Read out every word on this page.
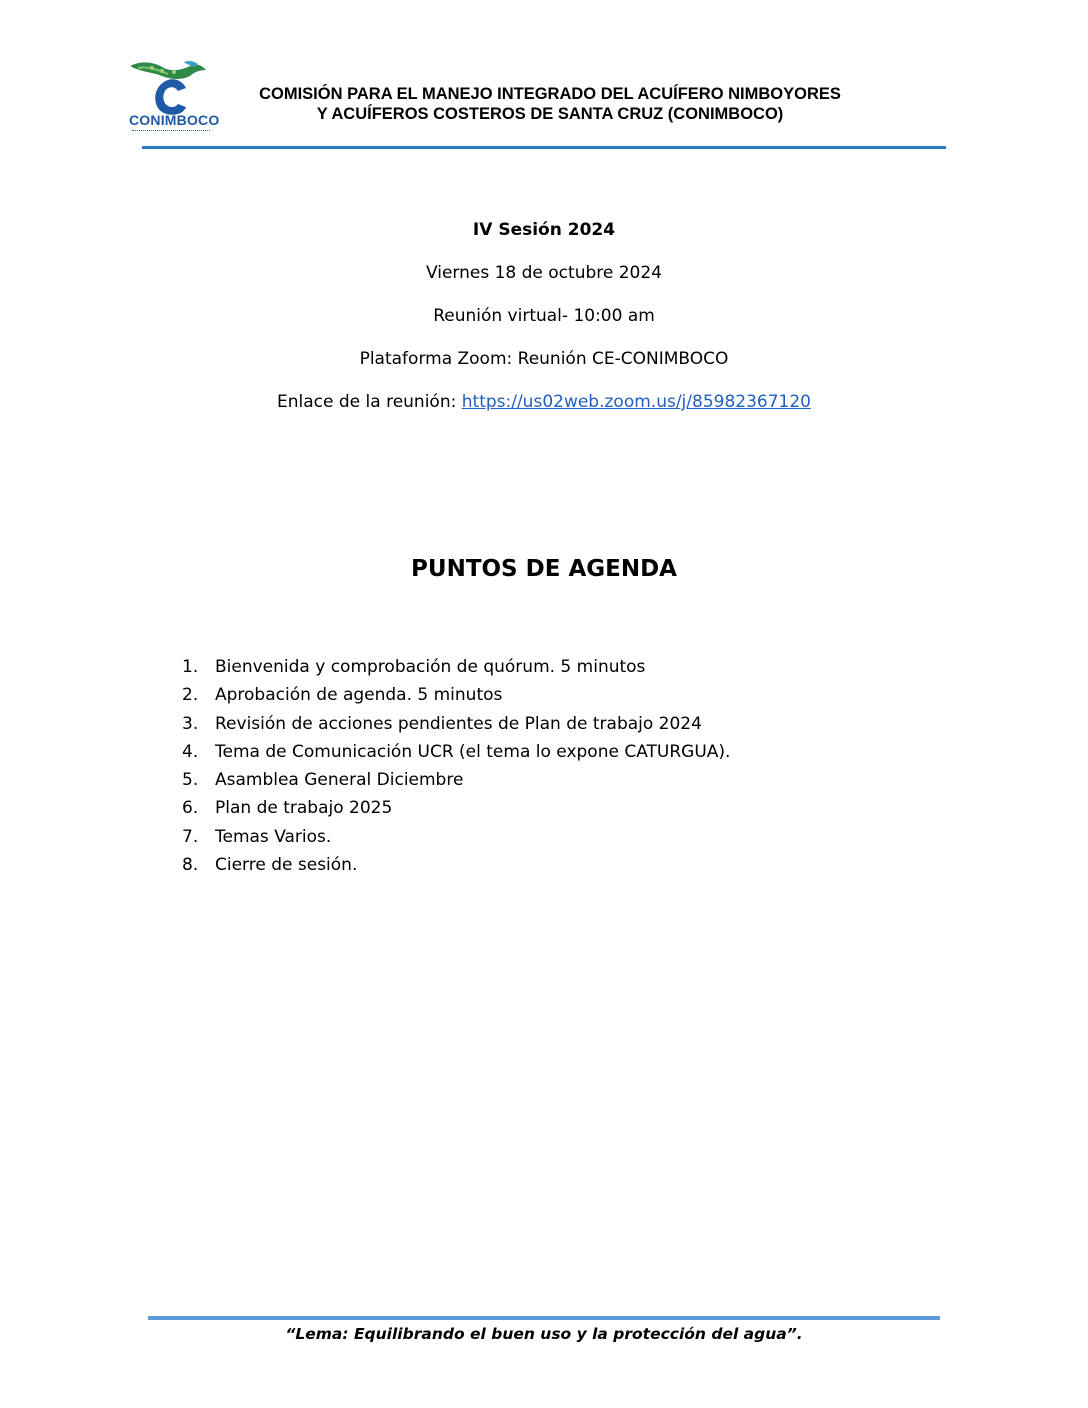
CONIMBOCO
COMISIÓN PARA EL MANEJO INTEGRADO DEL ACUÍFERO NIMBOYORES
Y ACUÍFEROS COSTEROS DE SANTA CRUZ (CONIMBOCO)
IV Sesión 2024
Viernes 18 de octubre 2024
Reunión virtual- 10:00 am
Plataforma Zoom: Reunión CE-CONIMBOCO
Enlace de la reunión: https://us02web.zoom.us/j/85982367120
PUNTOS DE AGENDA
1. Bienvenida y comprobación de quórum. 5 minutos
2. Aprobación de agenda. 5 minutos
3. Revisión de acciones pendientes de Plan de trabajo 2024
4. Tema de Comunicación UCR (el tema lo expone CATURGUA).
5. Asamblea General Diciembre
6. Plan de trabajo 2025
7. Temas Varios.
8. Cierre de sesión.
“Lema: Equilibrando el buen uso y la protección del agua”.
